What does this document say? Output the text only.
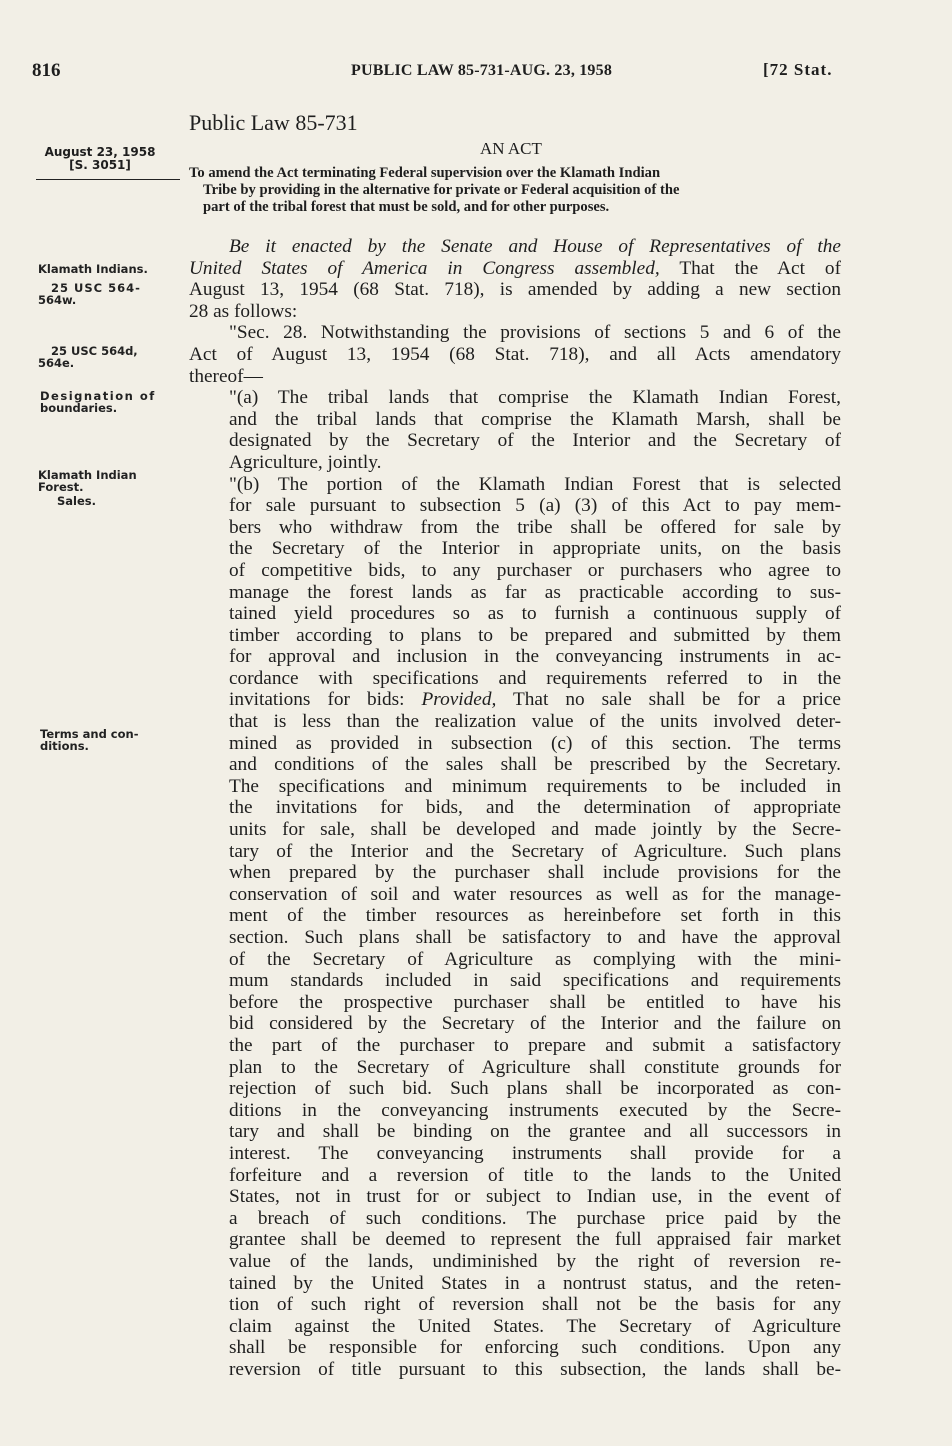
816	PUBLIC LAW 85-731-AUG. 23, 1958	[72 Stat.
Public Law 85-731
AN ACT
August 23, 1958
[S. 3051]	To amend the Act terminating Federal supervision over the Klamath Indian
Tribe by providing in the alternative for private or Federal acquisition of the
part of the tribal forest that must be sold, and for other purposes.
Klamath Indians.
25 USC 564-
564w.
25 USC 564d,
564e.
Designation of
boundaries.
Klamath Indian
Forest.
Sales.
Terms and con-
ditions.
Be it enacted by the Senate and House of Representatives of the
United States of America in Congress assembled, That the Act of
August 13, 1954 (68 Stat. 718), is amended by adding a new section
28 as follows:
"Sec. 28. Notwithstanding the provisions of sections 5 and 6 of the
Act of August 13, 1954 (68 Stat. 718), and all Acts amendatory
thereof—
"(a) The tribal lands that comprise the Klamath Indian Forest,
and the tribal lands that comprise the Klamath Marsh, shall be
designated by the Secretary of the Interior and the Secretary of
Agriculture, jointly.
"(b) The portion of the Klamath Indian Forest that is selected
for sale pursuant to subsection 5 (a) (3) of this Act to pay mem-
bers who withdraw from the tribe shall be offered for sale by
the Secretary of the Interior in appropriate units, on the basis
of competitive bids, to any purchaser or purchasers who agree to
manage the forest lands as far as practicable according to sus-
tained yield procedures so as to furnish a continuous supply of
timber according to plans to be prepared and submitted by them
for approval and inclusion in the conveyancing instruments in ac-
cordance with specifications and requirements referred to in the
invitations for bids: Provided, That no sale shall be for a price
that is less than the realization value of the units involved deter-
mined as provided in subsection (c) of this section. The terms
and conditions of the sales shall be prescribed by the Secretary.
The specifications and minimum requirements to be included in
the invitations for bids, and the determination of appropriate
units for sale, shall be developed and made jointly by the Secre-
tary of the Interior and the Secretary of Agriculture. Such plans
when prepared by the purchaser shall include provisions for the
conservation of soil and water resources as well as for the manage-
ment of the timber resources as hereinbefore set forth in this
section. Such plans shall be satisfactory to and have the approval
of the Secretary of Agriculture as complying with the mini-
mum standards included in said specifications and requirements
before the prospective purchaser shall be entitled to have his
bid considered by the Secretary of the Interior and the failure on
the part of the purchaser to prepare and submit a satisfactory
plan to the Secretary of Agriculture shall constitute grounds for
rejection of such bid. Such plans shall be incorporated as con-
ditions in the conveyancing instruments executed by the Secre-
tary and shall be binding on the grantee and all successors in
interest. The conveyancing instruments shall provide for a
forfeiture and a reversion of title to the lands to the United
States, not in trust for or subject to Indian use, in the event of
a breach of such conditions. The purchase price paid by the
grantee shall be deemed to represent the full appraised fair market
value of the lands, undiminished by the right of reversion re-
tained by the United States in a nontrust status, and the reten-
tion of such right of reversion shall not be the basis for any
claim against the United States. The Secretary of Agriculture
shall be responsible for enforcing such conditions. Upon any
reversion of title pursuant to this subsection, the lands shall be-
